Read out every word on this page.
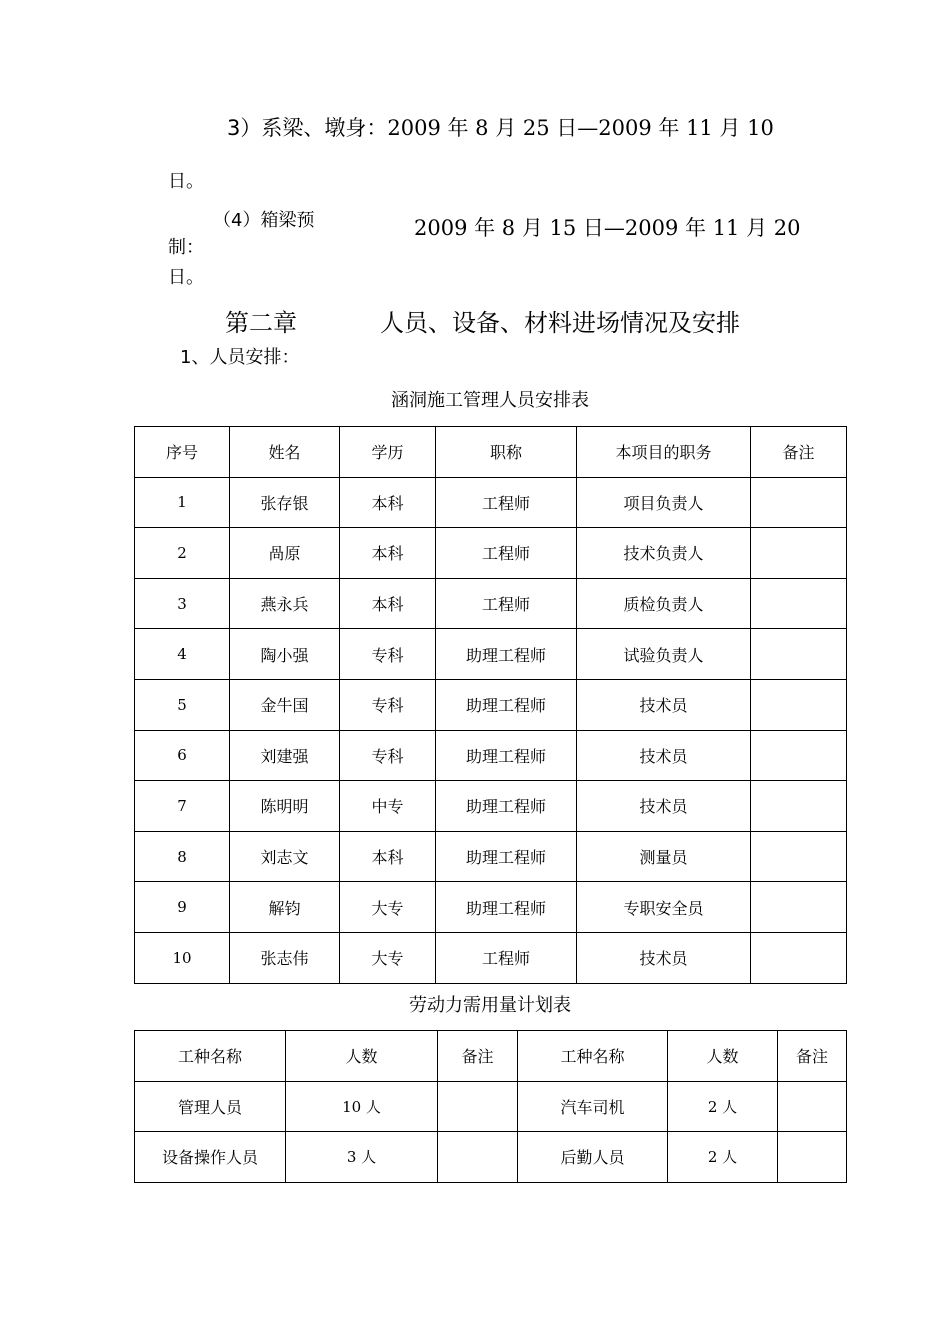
3）系梁、墩身：2009 年 8 月 25 日—2009 年 11 月 10
日。
（4）箱梁预	2009 年 8 月 15 日—2009 年 11 月 20
制：
日。
第二章	人员、设备、材料进场情况及安排
1、人员安排：
涵洞施工管理人员安排表
序号	姓名	学历	职称	本项目的职务	备注
1	张存银	本科	工程师	项目负责人	
2	咼原	本科	工程师	技术负责人	
3	燕永兵	本科	工程师	质检负责人	
4	陶小强	专科	助理工程师	试验负责人	
5	金牛国	专科	助理工程师	技术员	
6	刘建强	专科	助理工程师	技术员	
7	陈明明	中专	助理工程师	技术员	
8	刘志文	本科	助理工程师	测量员	
9	解钧	大专	助理工程师	专职安全员	
10	张志伟	大专	工程师	技术员	
劳动力需用量计划表
工种名称	人数	备注	工种名称	人数	备注
管理人员	10 人		汽车司机	2 人	
设备操作人员	3 人		后勤人员	2 人	
